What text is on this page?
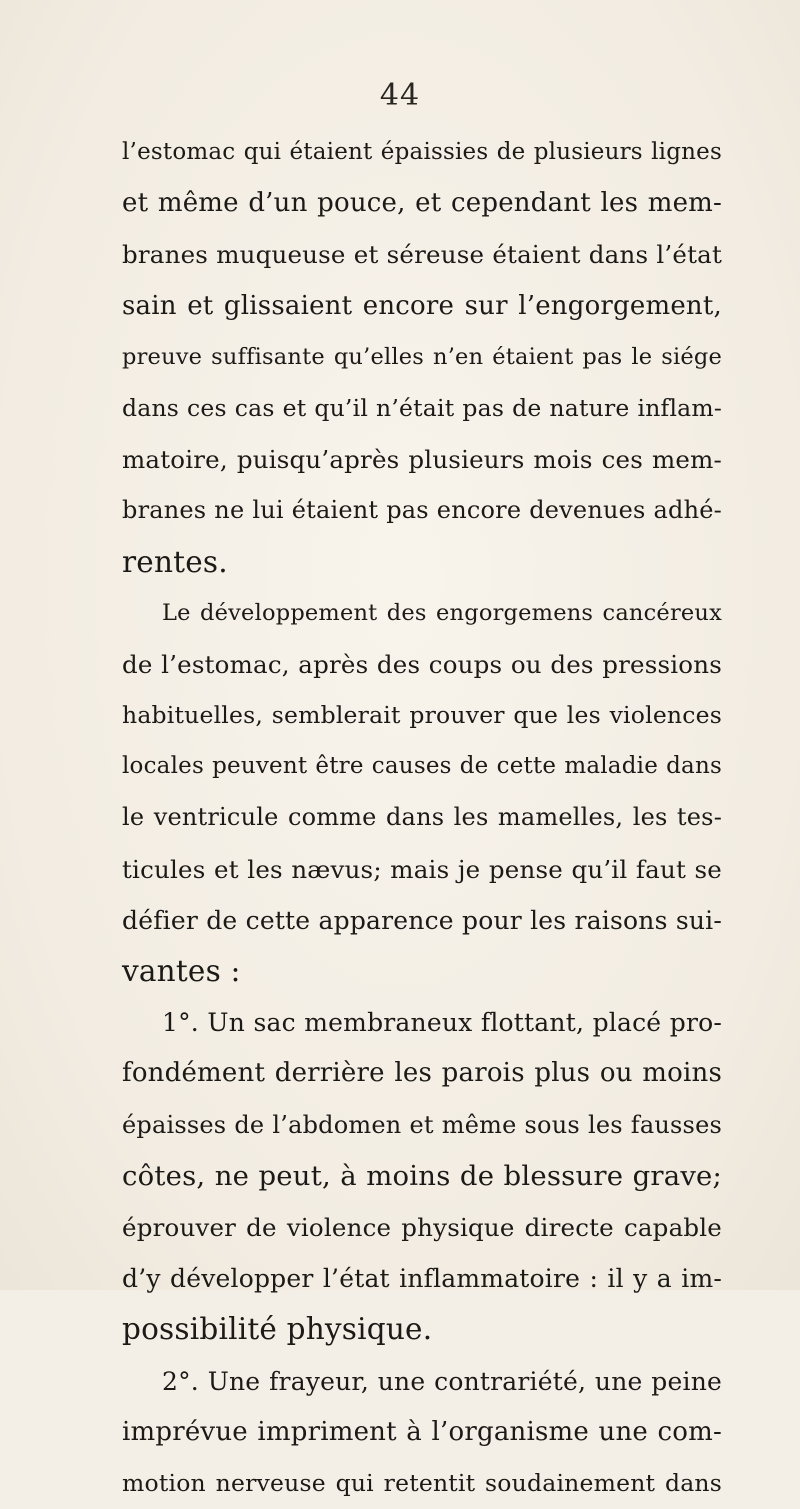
44
l’estomac qui étaient épaissies de plusieurs lignes
et même d’un pouce, et cependant les mem-
branes muqueuse et séreuse étaient dans l’état
sain et glissaient encore sur l’engorgement,
preuve suffisante qu’elles n’en étaient pas le siége
dans ces cas et qu’il n’était pas de nature inflam-
matoire, puisqu’après plusieurs mois ces mem-
branes ne lui étaient pas encore devenues adhé-
rentes.
Le développement des engorgemens cancéreux
de l’estomac, après des coups ou des pressions
habituelles, semblerait prouver que les violences
locales peuvent être causes de cette maladie dans
le ventricule comme dans les mamelles, les tes-
ticules et les nævus; mais je pense qu’il faut se
défier de cette apparence pour les raisons sui-
vantes :
1°. Un sac membraneux flottant, placé pro-
fondément derrière les parois plus ou moins
épaisses de l’abdomen et même sous les fausses
côtes, ne peut, à moins de blessure grave;
éprouver de violence physique directe capable
d’y développer l’état inflammatoire : il y a im-
possibilité physique.
2°. Une frayeur, une contrariété, une peine
imprévue impriment à l’organisme une com-
motion nerveuse qui retentit soudainement dans
